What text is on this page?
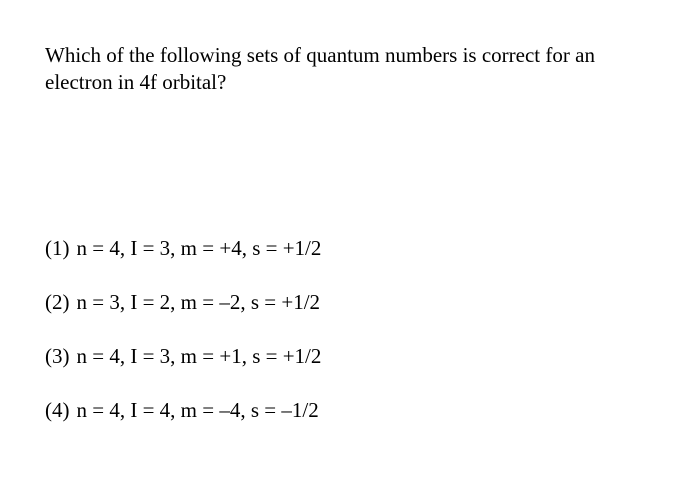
Which of the following sets of quantum numbers is correct for an electron in 4f orbital?

(1) n = 4, I = 3, m = +4, s = +1/2
(2) n = 3, I = 2, m = –2, s = +1/2
(3) n = 4, I = 3, m = +1, s = +1/2
(4) n = 4, I = 4, m = –4, s = –1/2
